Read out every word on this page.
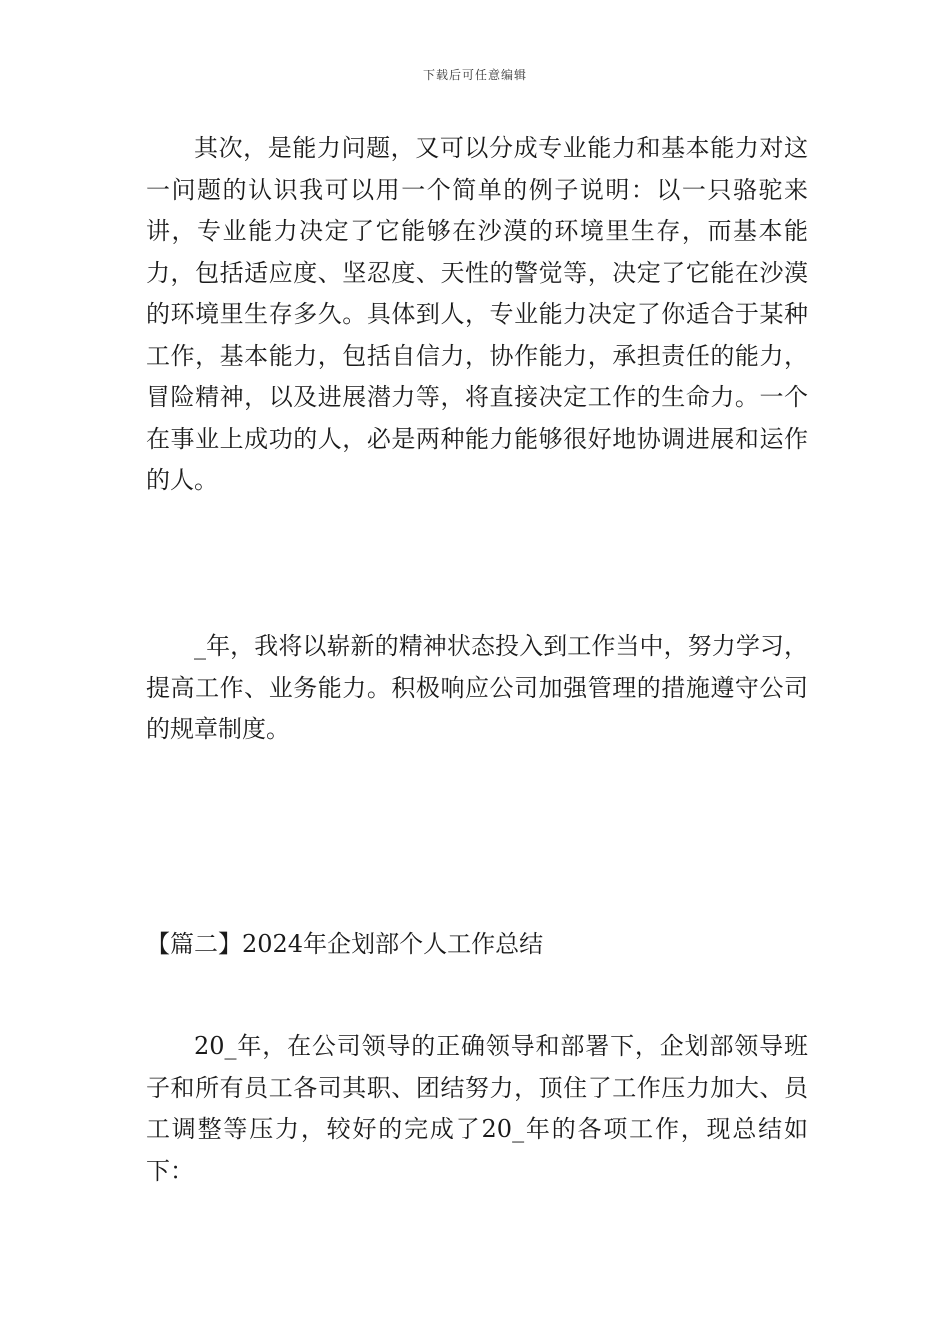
下载后可任意编辑

其次，是能力问题，又可以分成专业能力和基本能力对这一问题的认识我可以用一个简单的例子说明：以一只骆驼来讲，专业能力决定了它能够在沙漠的环境里生存，而基本能力，包括适应度、坚忍度、天性的警觉等，决定了它能在沙漠的环境里生存多久。具体到人，专业能力决定了你适合于某种工作，基本能力，包括自信力，协作能力，承担责任的能力，冒险精神，以及进展潜力等，将直接决定工作的生命力。一个在事业上成功的人，必是两种能力能够很好地协调进展和运作的人。

_年，我将以崭新的精神状态投入到工作当中，努力学习，提高工作、业务能力。积极响应公司加强管理的措施遵守公司的规章制度。

【篇二】2024年企划部个人工作总结

20_年，在公司领导的正确领导和部署下，企划部领导班子和所有员工各司其职、团结努力，顶住了工作压力加大、员工调整等压力，较好的完成了20_年的各项工作，现总结如下：
